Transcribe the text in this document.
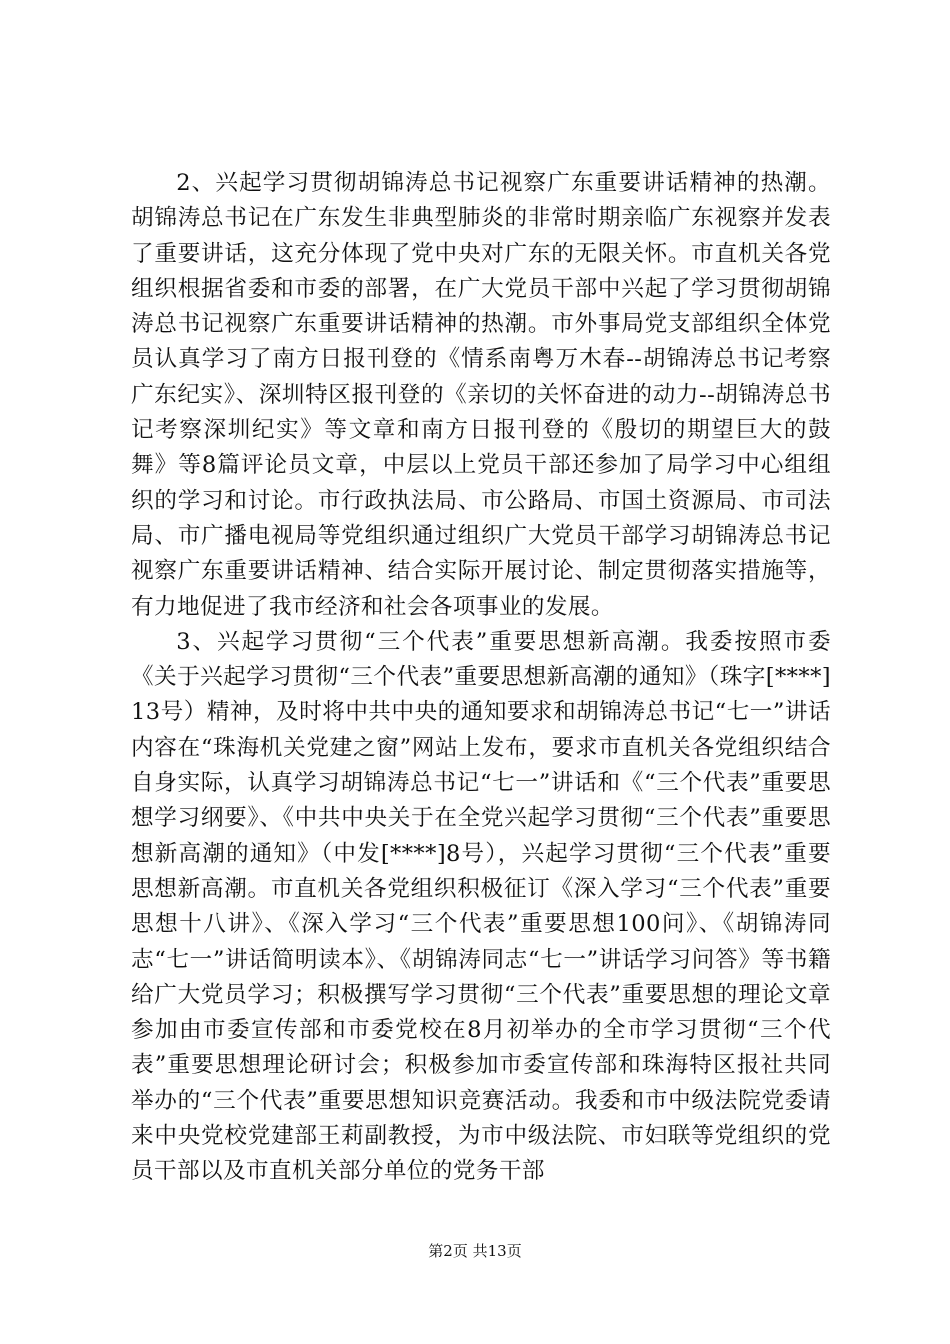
2、兴起学习贯彻胡锦涛总书记视察广东重要讲话精神的热潮。胡锦涛总书记在广东发生非典型肺炎的非常时期亲临广东视察并发表了重要讲话，这充分体现了党中央对广东的无限关怀。市直机关各党组织根据省委和市委的部署，在广大党员干部中兴起了学习贯彻胡锦涛总书记视察广东重要讲话精神的热潮。市外事局党支部组织全体党员认真学习了南方日报刊登的《情系南粤万木春--胡锦涛总书记考察广东纪实》、深圳特区报刊登的《亲切的关怀奋进的动力--胡锦涛总书记考察深圳纪实》等文章和南方日报刊登的《殷切的期望巨大的鼓舞》等8篇评论员文章，中层以上党员干部还参加了局学习中心组组织的学习和讨论。市行政执法局、市公路局、市国土资源局、市司法局、市广播电视局等党组织通过组织广大党员干部学习胡锦涛总书记视察广东重要讲话精神、结合实际开展讨论、制定贯彻落实措施等，有力地促进了我市经济和社会各项事业的发展。

3、兴起学习贯彻“三个代表”重要思想新高潮。我委按照市委《关于兴起学习贯彻“三个代表”重要思想新高潮的通知》（珠字[****]13号）精神，及时将中共中央的通知要求和胡锦涛总书记“七一”讲话内容在“珠海机关党建之窗”网站上发布，要求市直机关各党组织结合自身实际，认真学习胡锦涛总书记“七一”讲话和《“三个代表”重要思想学习纲要》、《中共中央关于在全党兴起学习贯彻“三个代表”重要思想新高潮的通知》（中发[****]8号），兴起学习贯彻“三个代表”重要思想新高潮。市直机关各党组织积极征订《深入学习“三个代表”重要思想十八讲》、《深入学习“三个代表”重要思想100问》、《胡锦涛同志“七一”讲话简明读本》、《胡锦涛同志“七一”讲话学习问答》等书籍给广大党员学习；积极撰写学习贯彻“三个代表”重要思想的理论文章参加由市委宣传部和市委党校在8月初举办的全市学习贯彻“三个代表”重要思想理论研讨会；积极参加市委宣传部和珠海特区报社共同举办的“三个代表”重要思想知识竞赛活动。我委和市中级法院党委请来中央党校党建部王莉副教授，为市中级法院、市妇联等党组织的党员干部以及市直机关部分单位的党务干部

第2页 共13页
